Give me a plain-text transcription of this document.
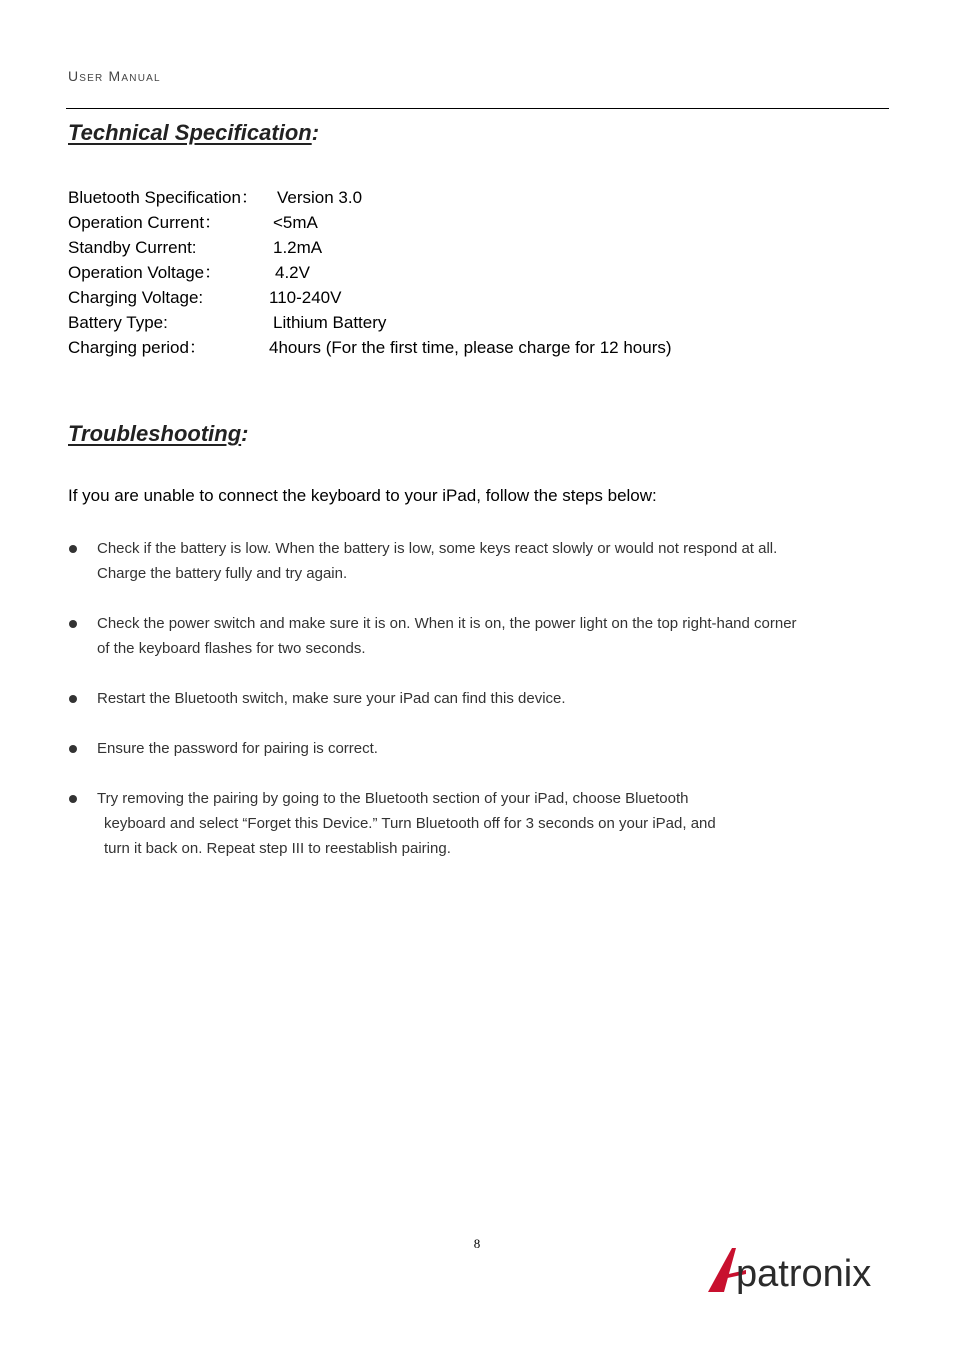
User Manual
Technical Specification:
Bluetooth Specification： Version 3.0
Operation Current：	<5mA
Standby Current:	1.2mA
Operation Voltage：	4.2V
Charging Voltage:	110-240V
Battery Type:	Lithium Battery
Charging period：	4hours (For the first time, please charge for 12 hours)
Troubleshooting:
If you are unable to connect the keyboard to your iPad, follow the steps below:
Check if the battery is low. When the battery is low, some keys react slowly or would not respond at all.
Charge the battery fully and try again.
Check the power switch and make sure it is on. When it is on, the power light on the top right-hand corner
of the keyboard flashes for two seconds.
Restart the Bluetooth switch, make sure your iPad can find this device.
Ensure the password for pairing is correct.
Try removing the pairing by going to the Bluetooth section of your iPad, choose Bluetooth
keyboard and select “Forget this Device.” Turn Bluetooth off for 3 seconds on your iPad, and
turn it back on. Repeat step III to reestablish pairing.
8
patronix
